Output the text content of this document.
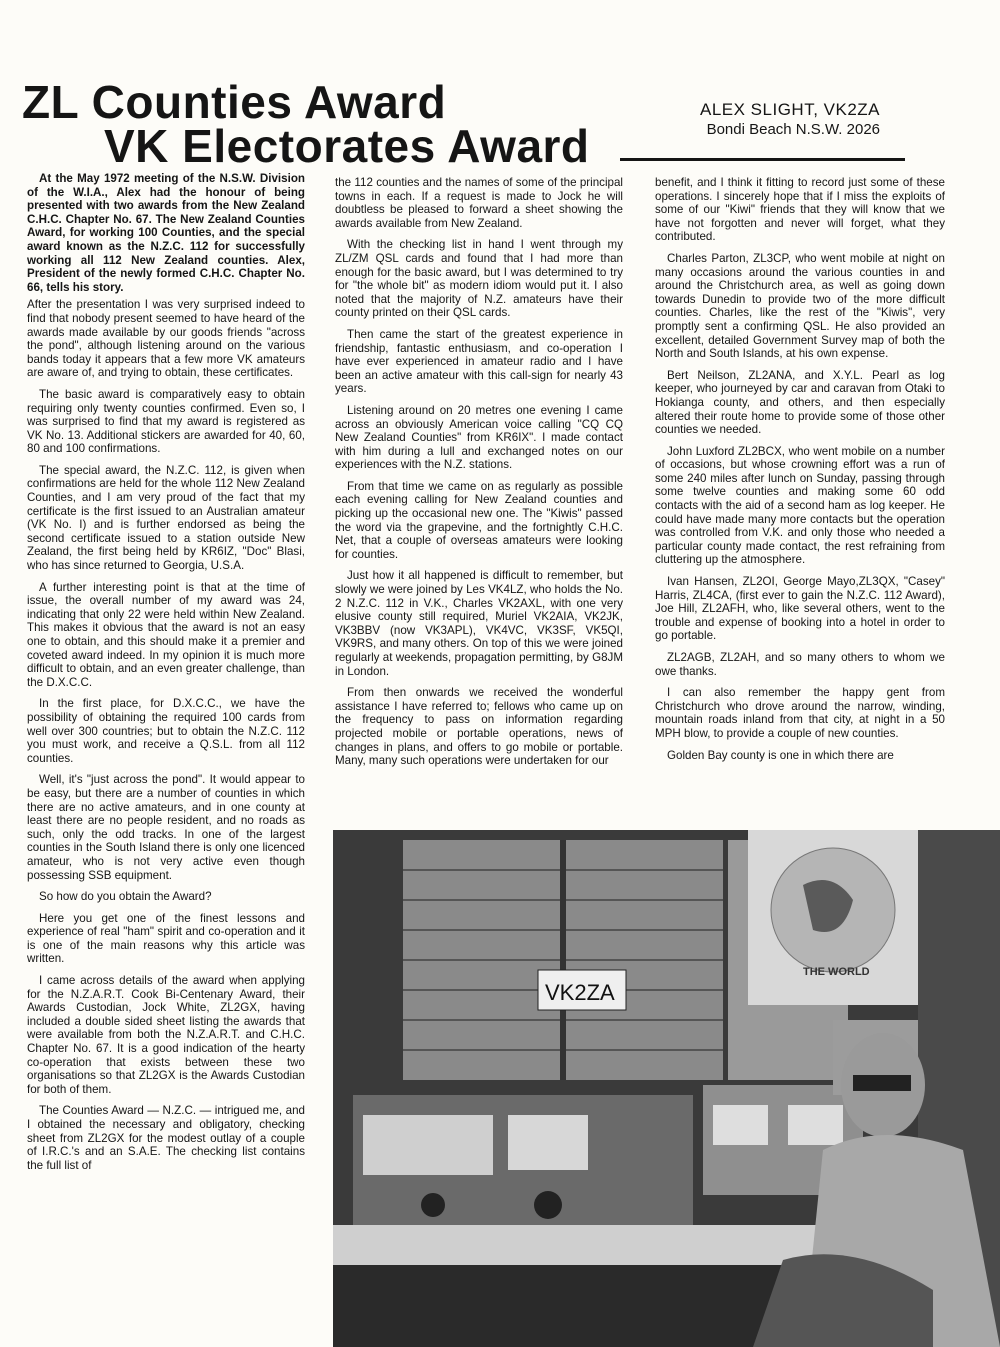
ZL Counties Award
VK Electorates Award
ALEX SLIGHT, VK2ZA
Bondi Beach N.S.W. 2026

At the May 1972 meeting of the N.S.W. Division of the W.I.A., Alex had the honour of being presented with two awards from the New Zealand C.H.C. Chapter No. 67. The New Zealand Counties Award, for working 100 Counties, and the special award known as the N.Z.C. 112 for successfully working all 112 New Zealand counties. Alex, President of the newly formed C.H.C. Chapter No. 66, tells his story.

After the presentation I was very surprised indeed to find that nobody present seemed to have heard of the awards made available by our goods friends "across the pond", although listening around on the various bands today it appears that a few more VK amateurs are aware of, and trying to obtain, these certificates.

The basic award is comparatively easy to obtain requiring only twenty counties confirmed. Even so, I was surprised to find that my award is registered as VK No. 13. Additional stickers are awarded for 40, 60, 80 and 100 confirmations.

The special award, the N.Z.C. 112, is given when confirmations are held for the whole 112 New Zealand Counties, and I am very proud of the fact that my certificate is the first issued to an Australian amateur (VK No. I) and is further endorsed as being the second certificate issued to a station outside New Zealand, the first being held by KR6IZ, "Doc" Blasi, who has since returned to Georgia, U.S.A.

A further interesting point is that at the time of issue, the overall number of my award was 24, indicating that only 22 were held within New Zealand. This makes it obvious that the award is not an easy one to obtain, and this should make it a premier and coveted award indeed. In my opinion it is much more difficult to obtain, and an even greater challenge, than the D.X.C.C.

In the first place, for D.X.C.C., we have the possibility of obtaining the required 100 cards from well over 300 countries; but to obtain the N.Z.C. 112 you must work, and receive a Q.S.L. from all 112 counties.

Well, it's "just across the pond". It would appear to be easy, but there are a number of counties in which there are no active amateurs, and in one county at least there are no people resident, and no roads as such, only the odd tracks. In one of the largest counties in the South Island there is only one licenced amateur, who is not very active even though possessing SSB equipment.

So how do you obtain the Award?

Here you get one of the finest lessons and experience of real "ham" spirit and co-operation and it is one of the main reasons why this article was written.

I came across details of the award when applying for the N.Z.A.R.T. Cook Bi-Centenary Award, their Awards Custodian, Jock White, ZL2GX, having included a double sided sheet listing the awards that were available from both the N.Z.A.R.T. and C.H.C. Chapter No. 67. It is a good indication of the hearty co-operation that exists between these two organisations so that ZL2GX is the Awards Custodian for both of them.

The Counties Award — N.Z.C. — intrigued me, and I obtained the necessary and obligatory, checking sheet from ZL2GX for the modest outlay of a couple of I.R.C.'s and an S.A.E. The checking list contains the full list of

the 112 counties and the names of some of the principal towns in each. If a request is made to Jock he will doubtless be pleased to forward a sheet showing the awards available from New Zealand.

With the checking list in hand I went through my ZL/ZM QSL cards and found that I had more than enough for the basic award, but I was determined to try for "the whole bit" as modern idiom would put it. I also noted that the majority of N.Z. amateurs have their county printed on their QSL cards.

Then came the start of the greatest experience in friendship, fantastic enthusiasm, and co-operation I have ever experienced in amateur radio and I have been an active amateur with this call-sign for nearly 43 years.

Listening around on 20 metres one evening I came across an obviously American voice calling "CQ CQ New Zealand Counties" from KR6IX". I made contact with him during a lull and exchanged notes on our experiences with the N.Z. stations.

From that time we came on as regularly as possible each evening calling for New Zealand counties and picking up the occasional new one. The "Kiwis" passed the word via the grapevine, and the fortnightly C.H.C. Net, that a couple of overseas amateurs were looking for counties.

Just how it all happened is difficult to remember, but slowly we were joined by Les VK4LZ, who holds the No. 2 N.Z.C. 112 in V.K., Charles VK2AXL, with one very elusive county still required, Muriel VK2AIA, VK2JK, VK3BBV (now VK3APL), VK4VC, VK3SF, VK5QI, VK9RS, and many others. On top of this we were joined regularly at weekends, propagation permitting, by G8JM in London.

From then onwards we received the wonderful assistance I have referred to; fellows who came up on the frequency to pass on information regarding projected mobile or portable operations, news of changes in plans, and offers to go mobile or portable. Many, many such operations were undertaken for our

benefit, and I think it fitting to record just some of these operations. I sincerely hope that if I miss the exploits of some of our "Kiwi" friends that they will know that we have not forgotten and never will forget, what they contributed.

Charles Parton, ZL3CP, who went mobile at night on many occasions around the various counties in and around the Christchurch area, as well as going down towards Dunedin to provide two of the more difficult counties. Charles, like the rest of the "Kiwis", very promptly sent a confirming QSL. He also provided an excellent, detailed Government Survey map of both the North and South Islands, at his own expense.

Bert Neilson, ZL2ANA, and X.Y.L. Pearl as log keeper, who journeyed by car and caravan from Otaki to Hokianga county, and others, and then especially altered their route home to provide some of those other counties we needed.

John Luxford ZL2BCX, who went mobile on a number of occasions, but whose crowning effort was a run of some 240 miles after lunch on Sunday, passing through some twelve counties and making some 60 odd contacts with the aid of a second ham as log keeper. He could have made many more contacts but the operation was controlled from V.K. and only those who needed a particular county made contact, the rest refraining from cluttering up the atmosphere.

Ivan Hansen, ZL2OI, George Mayo,ZL3QX, "Casey" Harris, ZL4CA, (first ever to gain the N.Z.C. 112 Award), Joe Hill, ZL2AFH, who, like several others, went to the trouble and expense of booking into a hotel in order to go portable.

ZL2AGB, ZL2AH, and so many others to whom we owe thanks.

I can also remember the happy gent from Christchurch who drove around the narrow, winding, mountain roads inland from that city, at night in a 50 MPH blow, to provide a couple of new counties.

Golden Bay county is one in which there are

THE WORLD
VK2ZA
